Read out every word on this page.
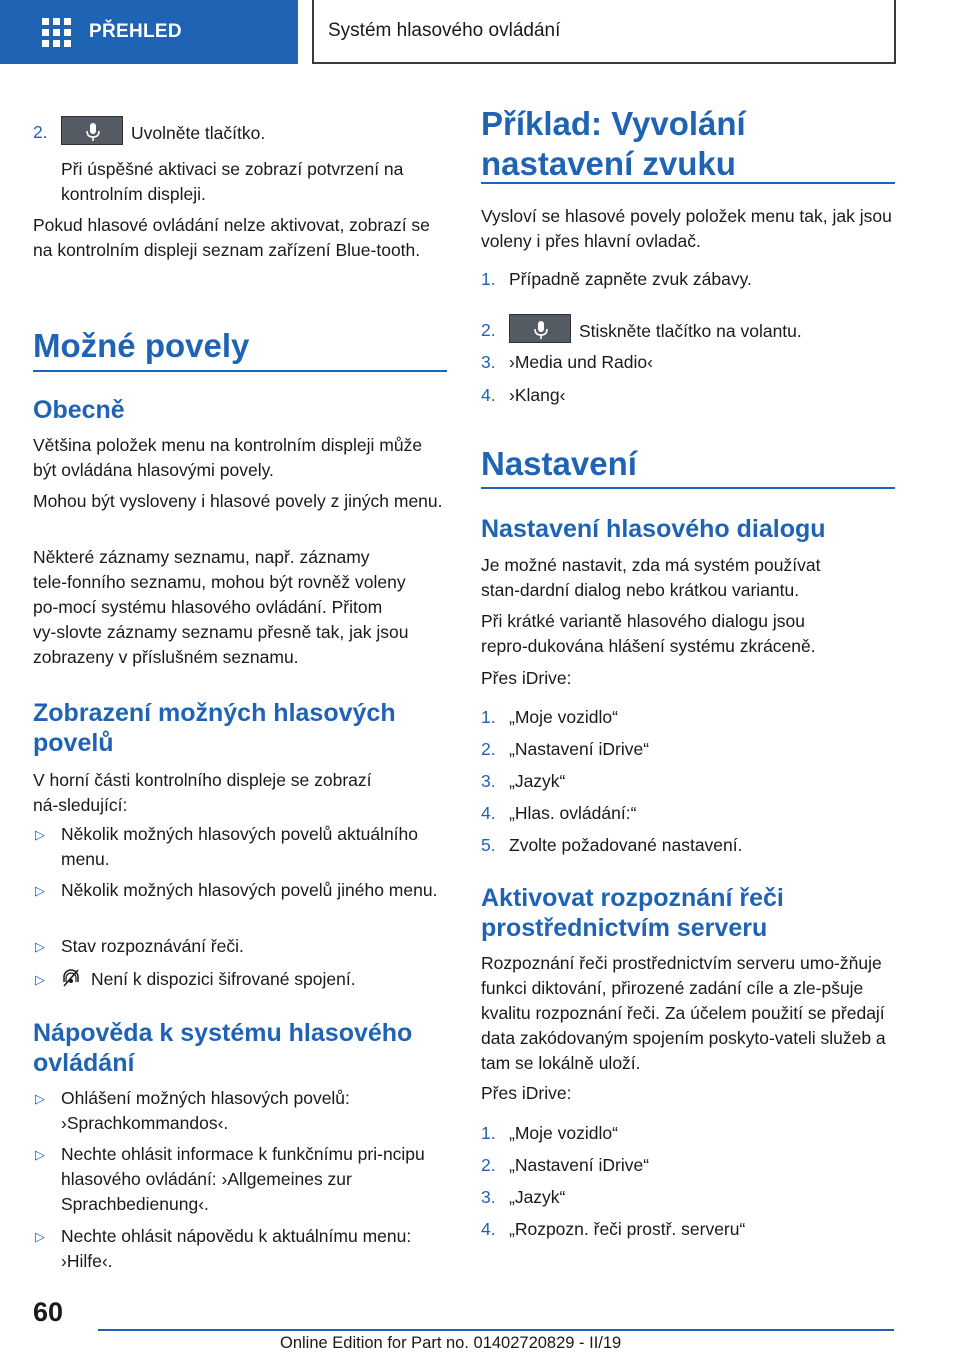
PŘEHLED	Systém hlasového ovládání
2.	Uvolněte tlačítko.
Při úspěšné aktivaci se zobrazí potvrzení na kontrolním displeji.
Pokud hlasové ovládání nelze aktivovat, zobrazí se na kontrolním displeji seznam zařízení Blue‑tooth.
Možné povely
Obecně
Většina položek menu na kontrolním displeji může být ovládána hlasovými povely.
Mohou být vysloveny i hlasové povely z jiných menu.
Některé záznamy seznamu, např. záznamy tele‑fonního seznamu, mohou být rovněž voleny po‑mocí systému hlasového ovládání. Přitom vy‑slovte záznamy seznamu přesně tak, jak jsou zobrazeny v příslušném seznamu.
Zobrazení možných hlasových povelů
V horní části kontrolního displeje se zobrazí ná‑sledující:
▷ Několik možných hlasových povelů aktuálního menu.
▷ Několik možných hlasových povelů jiného menu.
▷ Stav rozpoznávání řeči.
▷	Není k dispozici šifrované spojení.
Nápověda k systému hlasového ovládání
▷ Ohlášení možných hlasových povelů: ›Sprachkommandos‹.
▷ Nechte ohlásit informace k funkčnímu pri‑ncipu hlasového ovládání: ›Allgemeines zur Sprachbedienung‹.
▷ Nechte ohlásit nápovědu k aktuálnímu menu: ›Hilfe‹.
Příklad: Vyvolání nastavení zvuku
Vysloví se hlasové povely položek menu tak, jak jsou voleny i přes hlavní ovladač.
1. Případně zapněte zvuk zábavy.
2.	Stiskněte tlačítko na volantu.
3. ›Media und Radio‹
4. ›Klang‹
Nastavení
Nastavení hlasového dialogu
Je možné nastavit, zda má systém používat stan‑dardní dialog nebo krátkou variantu.
Při krátké variantě hlasového dialogu jsou repro‑dukována hlášení systému zkráceně.
Přes iDrive:
1. „Moje vozidlo“
2. „Nastavení iDrive“
3. „Jazyk“
4. „Hlas. ovládání:“
5. Zvolte požadované nastavení.
Aktivovat rozpoznání řeči prostřednictvím serveru
Rozpoznání řeči prostřednictvím serveru umo‑žňuje funkci diktování, přirozené zadání cíle a zle‑pšuje kvalitu rozpoznání řeči. Za účelem použití se předají data zakódovaným spojením poskyto‑vateli služeb a tam se lokálně uloží.
Přes iDrive:
1. „Moje vozidlo“
2. „Nastavení iDrive“
3. „Jazyk“
4. „Rozpozn. řeči prostř. serveru“
60
Online Edition for Part no. 01402720829 - II/19
